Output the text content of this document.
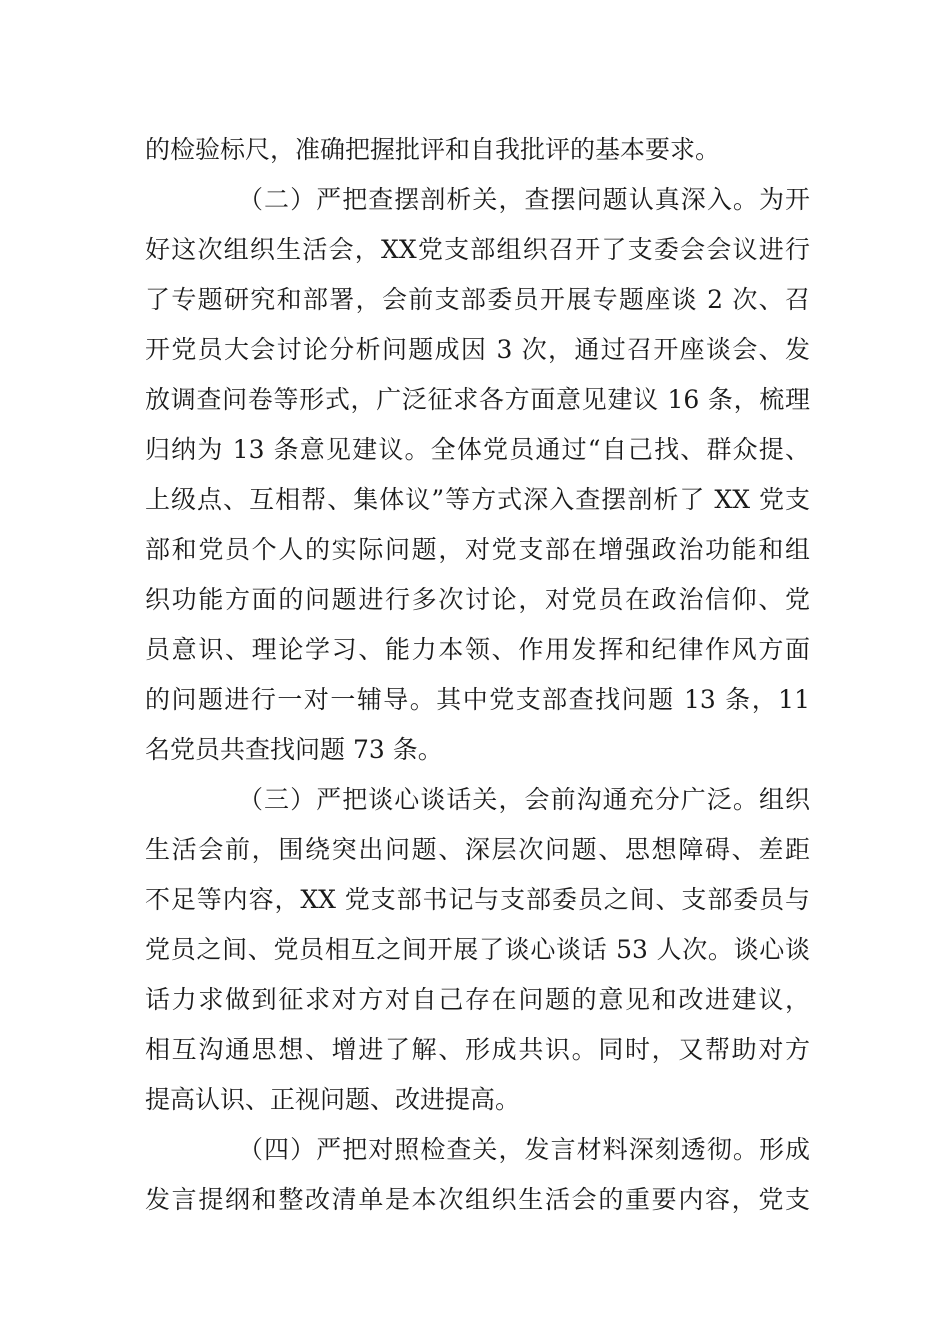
的检验标尺，准确把握批评和自我批评的基本要求。
（二）严把查摆剖析关，查摆问题认真深入。为开
好这次组织生活会，XX党支部组织召开了支委会会议进行
了专题研究和部署，会前支部委员开展专题座谈 2 次、召
开党员大会讨论分析问题成因 3 次，通过召开座谈会、发
放调查问卷等形式，广泛征求各方面意见建议 16 条，梳理
归纳为 13 条意见建议。全体党员通过“自己找、群众提、
上级点、互相帮、集体议”等方式深入查摆剖析了 XX 党支
部和党员个人的实际问题，对党支部在增强政治功能和组
织功能方面的问题进行多次讨论，对党员在政治信仰、党
员意识、理论学习、能力本领、作用发挥和纪律作风方面
的问题进行一对一辅导。其中党支部查找问题 13 条，11
名党员共查找问题 73 条。
（三）严把谈心谈话关，会前沟通充分广泛。组织
生活会前，围绕突出问题、深层次问题、思想障碍、差距
不足等内容，XX 党支部书记与支部委员之间、支部委员与
党员之间、党员相互之间开展了谈心谈话 53 人次。谈心谈
话力求做到征求对方对自己存在问题的意见和改进建议，
相互沟通思想、增进了解、形成共识。同时，又帮助对方
提高认识、正视问题、改进提高。
（四）严把对照检查关，发言材料深刻透彻。形成
发言提纲和整改清单是本次组织生活会的重要内容，党支
